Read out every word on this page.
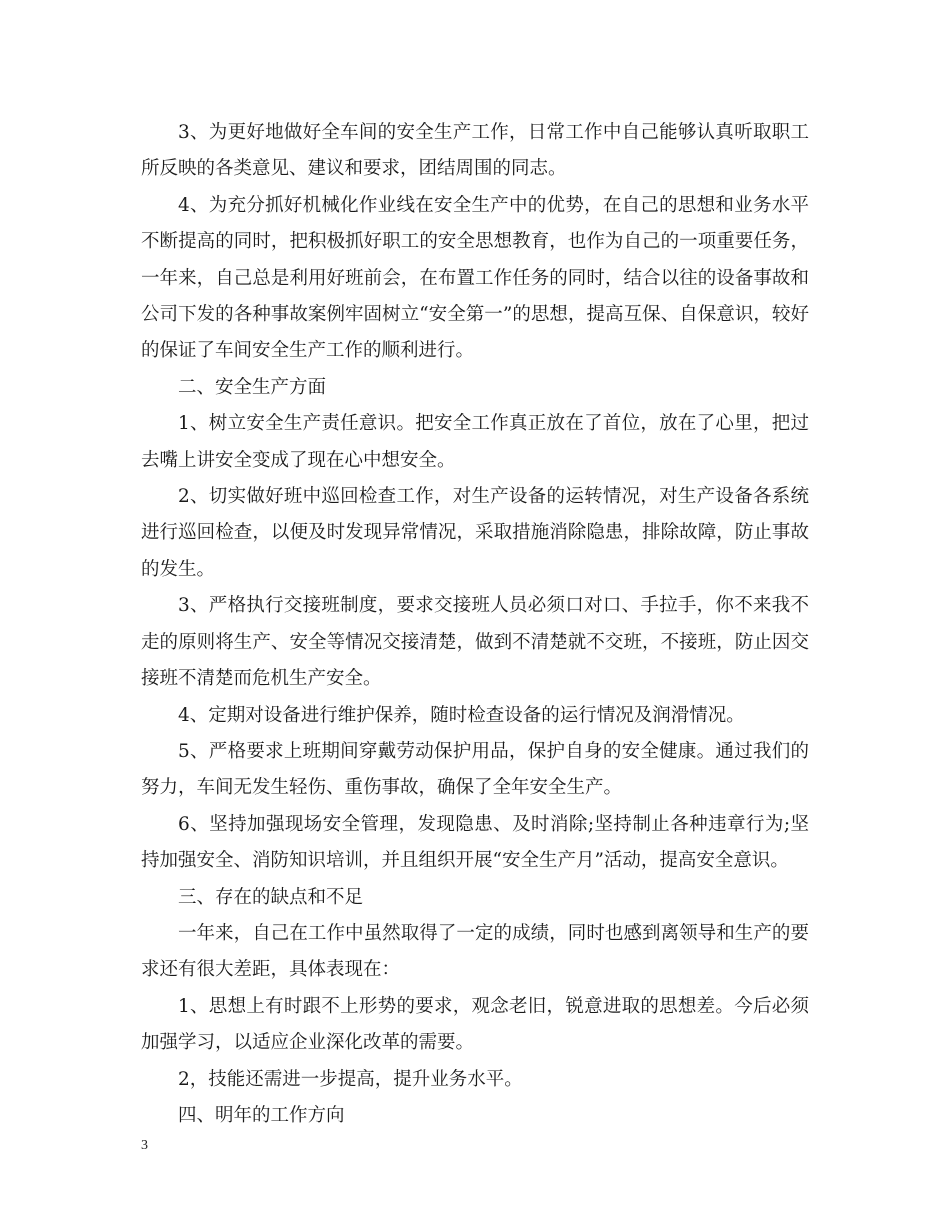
3、为更好地做好全车间的安全生产工作，日常工作中自己能够认真听取职工所反映的各类意见、建议和要求，团结周围的同志。

4、为充分抓好机械化作业线在安全生产中的优势，在自己的思想和业务水平不断提高的同时，把积极抓好职工的安全思想教育，也作为自己的一项重要任务，一年来，自己总是利用好班前会，在布置工作任务的同时，结合以往的设备事故和公司下发的各种事故案例牢固树立“安全第一”的思想，提高互保、自保意识，较好的保证了车间安全生产工作的顺利进行。

二、安全生产方面

1、树立安全生产责任意识。把安全工作真正放在了首位，放在了心里，把过去嘴上讲安全变成了现在心中想安全。

2、切实做好班中巡回检查工作，对生产设备的运转情况，对生产设备各系统进行巡回检查，以便及时发现异常情况，采取措施消除隐患，排除故障，防止事故的发生。

3、严格执行交接班制度，要求交接班人员必须口对口、手拉手，你不来我不走的原则将生产、安全等情况交接清楚，做到不清楚就不交班，不接班，防止因交接班不清楚而危机生产安全。

4、定期对设备进行维护保养，随时检查设备的运行情况及润滑情况。

5、严格要求上班期间穿戴劳动保护用品，保护自身的安全健康。通过我们的努力，车间无发生轻伤、重伤事故，确保了全年安全生产。

6、坚持加强现场安全管理，发现隐患、及时消除;坚持制止各种违章行为;坚持加强安全、消防知识培训，并且组织开展“安全生产月”活动，提高安全意识。

三、存在的缺点和不足

一年来，自己在工作中虽然取得了一定的成绩，同时也感到离领导和生产的要求还有很大差距，具体表现在：

1、思想上有时跟不上形势的要求，观念老旧，锐意进取的思想差。今后必须加强学习，以适应企业深化改革的需要。

2，技能还需进一步提高，提升业务水平。

四、明年的工作方向

3
